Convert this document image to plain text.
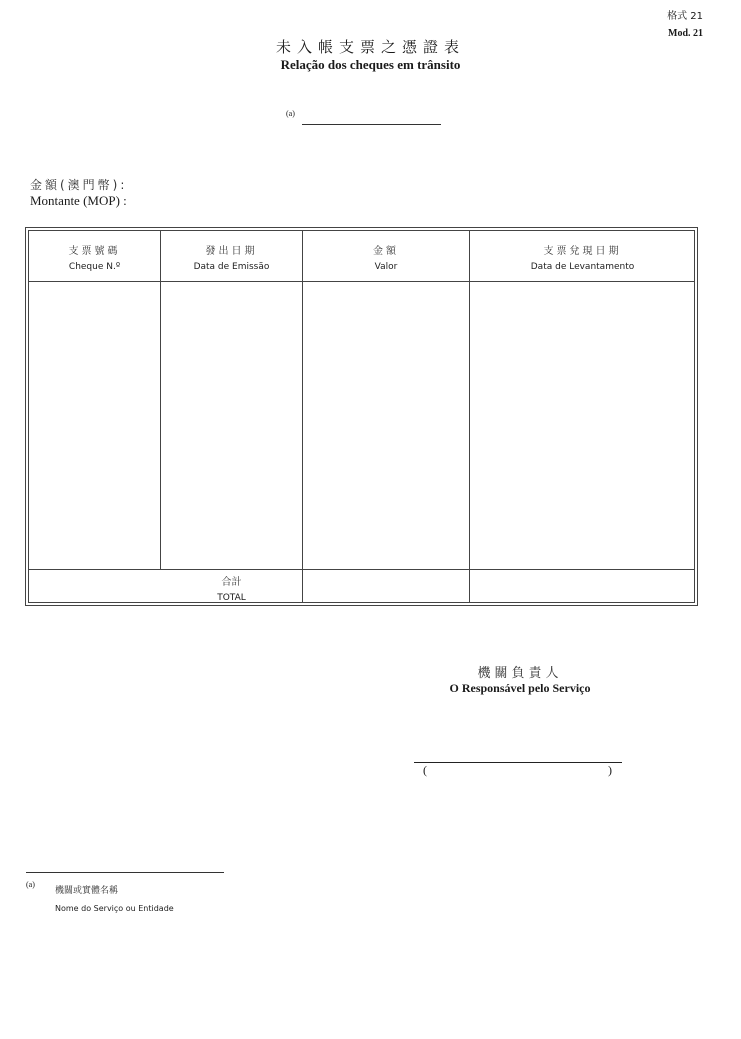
格式 21
Mod. 21
未入帳支票之憑證表
Relação dos cheques em trânsito
(a)
金額(澳門幣):
Montante (MOP) :
支票號碼
Cheque N.º
發出日期
Data de Emissão
金額
Valor
支票兌現日期
Data de Levantamento
合計
TOTAL
機關負責人
O Responsável pelo Serviço
(	)
(a)
機關或實體名稱
Nome do Serviço ou Entidade
